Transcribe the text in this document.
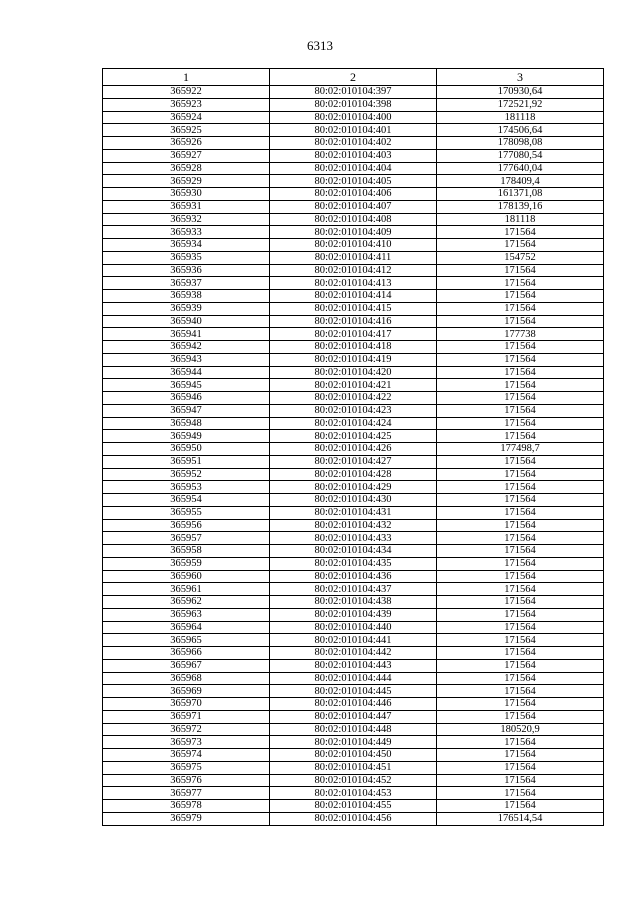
6313
1	2	3
365922	80:02:010104:397	170930,64
365923	80:02:010104:398	172521,92
365924	80:02:010104:400	181118
365925	80:02:010104:401	174506,64
365926	80:02:010104:402	178098,08
365927	80:02:010104:403	177080,54
365928	80:02:010104:404	177640,04
365929	80:02:010104:405	178409,4
365930	80:02:010104:406	161371,08
365931	80:02:010104:407	178139,16
365932	80:02:010104:408	181118
365933	80:02:010104:409	171564
365934	80:02:010104:410	171564
365935	80:02:010104:411	154752
365936	80:02:010104:412	171564
365937	80:02:010104:413	171564
365938	80:02:010104:414	171564
365939	80:02:010104:415	171564
365940	80:02:010104:416	171564
365941	80:02:010104:417	177738
365942	80:02:010104:418	171564
365943	80:02:010104:419	171564
365944	80:02:010104:420	171564
365945	80:02:010104:421	171564
365946	80:02:010104:422	171564
365947	80:02:010104:423	171564
365948	80:02:010104:424	171564
365949	80:02:010104:425	171564
365950	80:02:010104:426	177498,7
365951	80:02:010104:427	171564
365952	80:02:010104:428	171564
365953	80:02:010104:429	171564
365954	80:02:010104:430	171564
365955	80:02:010104:431	171564
365956	80:02:010104:432	171564
365957	80:02:010104:433	171564
365958	80:02:010104:434	171564
365959	80:02:010104:435	171564
365960	80:02:010104:436	171564
365961	80:02:010104:437	171564
365962	80:02:010104:438	171564
365963	80:02:010104:439	171564
365964	80:02:010104:440	171564
365965	80:02:010104:441	171564
365966	80:02:010104:442	171564
365967	80:02:010104:443	171564
365968	80:02:010104:444	171564
365969	80:02:010104:445	171564
365970	80:02:010104:446	171564
365971	80:02:010104:447	171564
365972	80:02:010104:448	180520,9
365973	80:02:010104:449	171564
365974	80:02:010104:450	171564
365975	80:02:010104:451	171564
365976	80:02:010104:452	171564
365977	80:02:010104:453	171564
365978	80:02:010104:455	171564
365979	80:02:010104:456	176514,54
